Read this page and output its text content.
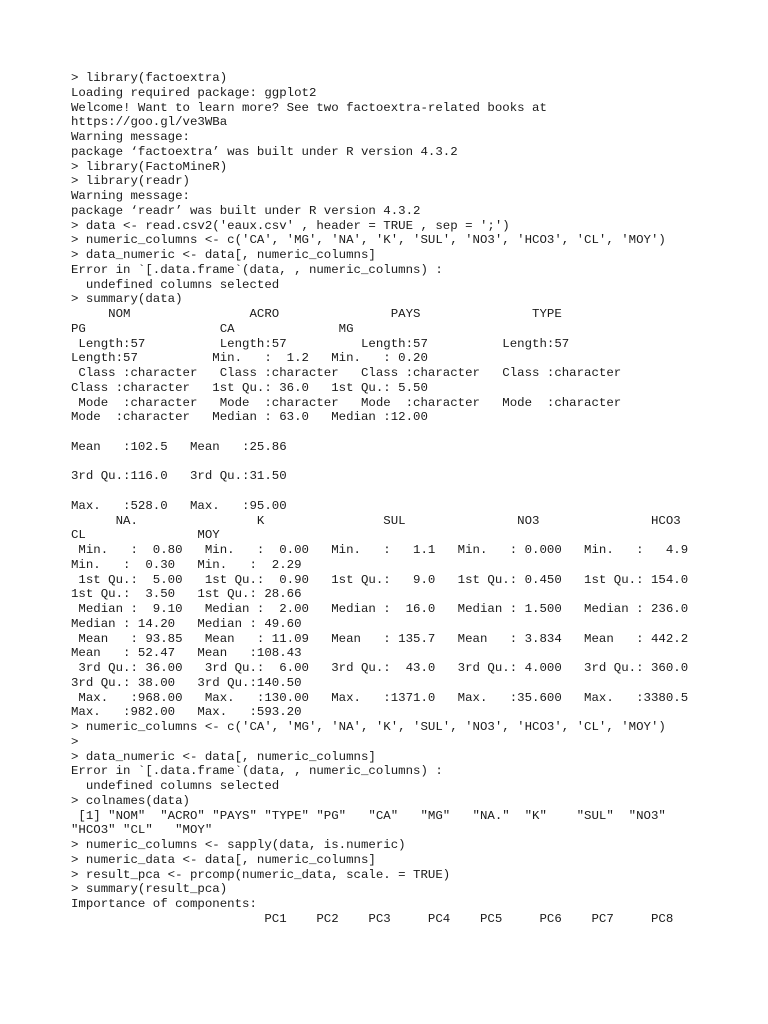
> library(factoextra)
Loading required package: ggplot2
Welcome! Want to learn more? See two factoextra-related books at
https://goo.gl/ve3WBa
Warning message:
package ‘factoextra’ was built under R version 4.3.2
> library(FactoMineR)
> library(readr)
Warning message:
package ‘readr’ was built under R version 4.3.2
> data <- read.csv2('eaux.csv' , header = TRUE , sep = ';')
> numeric_columns <- c('CA', 'MG', 'NA', 'K', 'SUL', 'NO3', 'HCO3', 'CL', 'MOY')
> data_numeric <- data[, numeric_columns]
Error in `[.data.frame`(data, , numeric_columns) :
undefined columns selected
> summary(data)
NOM                ACRO               PAYS               TYPE
PG                  CA              MG
Length:57          Length:57          Length:57          Length:57
Length:57          Min.   :  1.2   Min.   : 0.20
Class :character   Class :character   Class :character   Class :character
Class :character   1st Qu.: 36.0   1st Qu.: 5.50
Mode  :character   Mode  :character   Mode  :character   Mode  :character
Mode  :character   Median : 63.0   Median :12.00
Mean   :102.5   Mean   :25.86
3rd Qu.:116.0   3rd Qu.:31.50
Max.   :528.0   Max.   :95.00
NA.                K                SUL               NO3               HCO3
CL               MOY
Min.   :  0.80   Min.   :  0.00   Min.   :   1.1   Min.   : 0.000   Min.   :   4.9
Min.   :  0.30   Min.   :  2.29
1st Qu.:  5.00   1st Qu.:  0.90   1st Qu.:   9.0   1st Qu.: 0.450   1st Qu.: 154.0
1st Qu.:  3.50   1st Qu.: 28.66
Median :  9.10   Median :  2.00   Median :  16.0   Median : 1.500   Median : 236.0
Median : 14.20   Median : 49.60
Mean   : 93.85   Mean   : 11.09   Mean   : 135.7   Mean   : 3.834   Mean   : 442.2
Mean   : 52.47   Mean   :108.43
3rd Qu.: 36.00   3rd Qu.:  6.00   3rd Qu.:  43.0   3rd Qu.: 4.000   3rd Qu.: 360.0
3rd Qu.: 38.00   3rd Qu.:140.50
Max.   :968.00   Max.   :130.00   Max.   :1371.0   Max.   :35.600   Max.   :3380.5
Max.   :982.00   Max.   :593.20
> numeric_columns <- c('CA', 'MG', 'NA', 'K', 'SUL', 'NO3', 'HCO3', 'CL', 'MOY')
>
> data_numeric <- data[, numeric_columns]
Error in `[.data.frame`(data, , numeric_columns) :
undefined columns selected
> colnames(data)
[1] "NOM"  "ACRO" "PAYS" "TYPE" "PG"   "CA"   "MG"   "NA."  "K"    "SUL"  "NO3"
"HCO3" "CL"   "MOY"
> numeric_columns <- sapply(data, is.numeric)
> numeric_data <- data[, numeric_columns]
> result_pca <- prcomp(numeric_data, scale. = TRUE)
> summary(result_pca)
Importance of components:
PC1    PC2    PC3     PC4    PC5     PC6    PC7     PC8
